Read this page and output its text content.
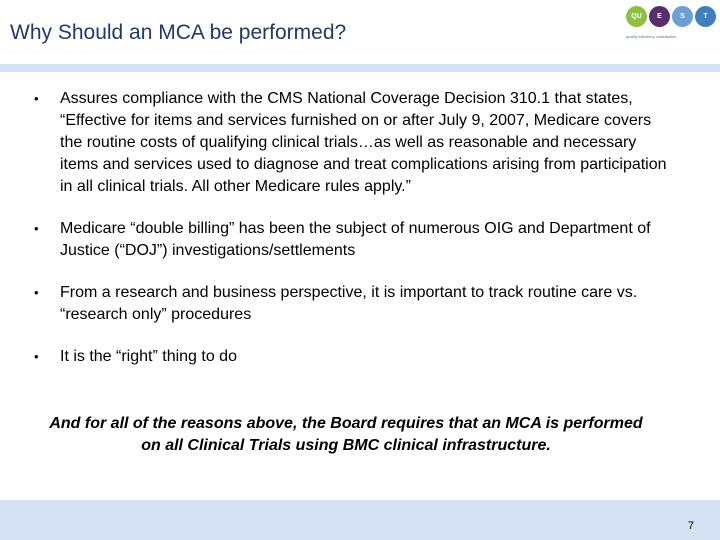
Why Should an MCA be performed?
QU	E	S	T
quality efficiency satisfaction
• Assures compliance with the CMS National Coverage Decision 310.1 that states, “Effective for items and services furnished on or after July 9, 2007, Medicare covers the routine costs of qualifying clinical trials…as well as reasonable and necessary items and services used to diagnose and treat complications arising from participation in all clinical trials. All other Medicare rules apply.”
• Medicare “double billing” has been the subject of numerous OIG and Department of Justice (“DOJ”) investigations/settlements
• From a research and business perspective, it is important to track routine care vs. “research only” procedures
• It is the “right” thing to do
And for all of the reasons above, the Board requires that an MCA is performed on all Clinical Trials using BMC clinical infrastructure.
7
